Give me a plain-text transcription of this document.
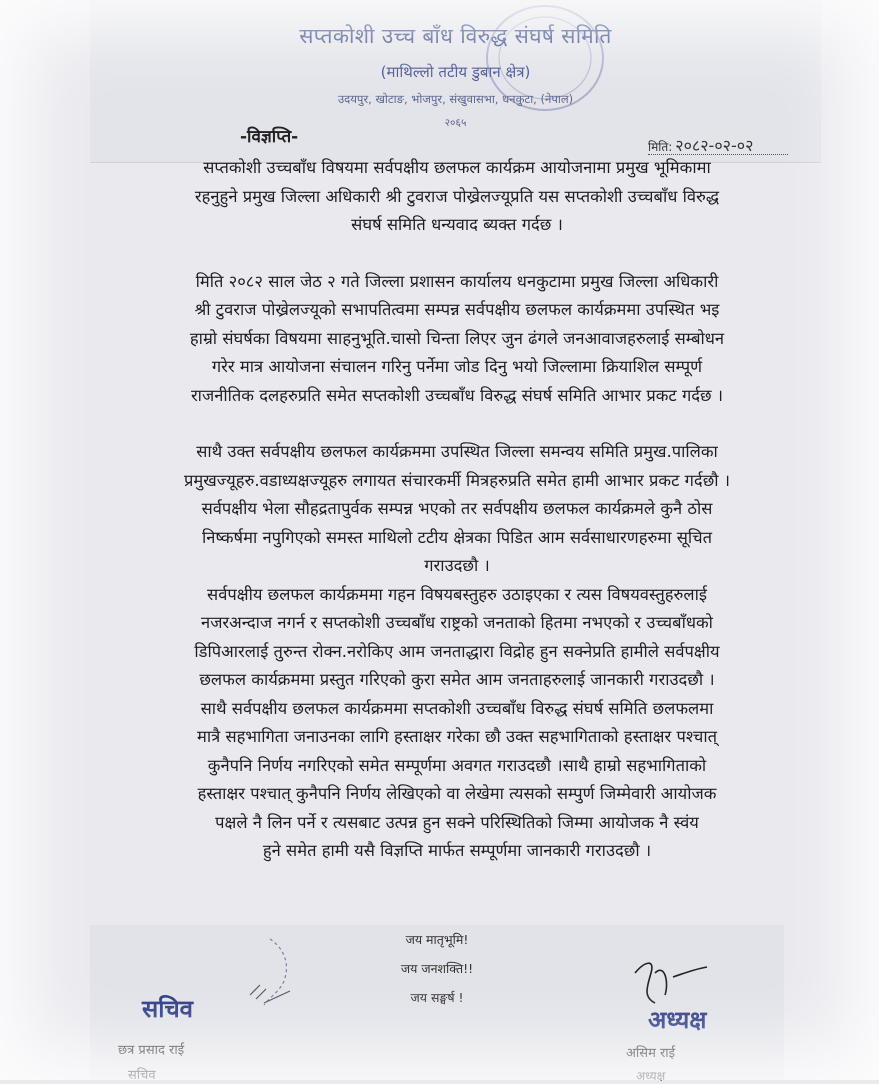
सप्तकोशी उच्च बाँध विरुद्ध संघर्ष समिति
(माथिल्लो तटीय डुबान क्षेत्र)
उदयपुर, खोटाङ, भोजपुर, संखुवासभा, धनकुटा, (नेपाल)
२०६५
-विज्ञप्ति-	मिति: २०८२-०२-०२
सप्तकोशी उच्चबाँध विषयमा सर्वपक्षीय छलफल कार्यक्रम आयोजनामा प्रमुख भूमिकामा
रहनुहुने प्रमुख जिल्ला अधिकारी श्री टुवराज पोख्रेलज्यूप्रति यस सप्तकोशी उच्चबाँध विरुद्ध
संघर्ष समिति धन्यवाद ब्यक्त गर्दछ ।
मिति २०८२ साल जेठ २ गते जिल्ला प्रशासन कार्यालय धनकुटामा प्रमुख जिल्ला अधिकारी
श्री टुवराज पोख्रेलज्यूको सभापतित्वमा सम्पन्न सर्वपक्षीय छलफल कार्यक्रममा उपस्थित भइ
हाम्रो संघर्षका विषयमा साहनुभूति.चासो चिन्ता लिएर जुन ढंगले जनआवाजहरुलाई सम्बोधन
गरेर मात्र आयोजना संचालन गरिनु पर्नेमा जोड दिनु भयो जिल्लामा क्रियाशिल सम्पूर्ण
राजनीतिक दलहरुप्रति समेत सप्तकोशी उच्चबाँध विरुद्ध संघर्ष समिति आभार प्रकट गर्दछ ।
साथै उक्त सर्वपक्षीय छलफल कार्यक्रममा उपस्थित जिल्ला समन्वय समिति प्रमुख.पालिका
प्रमुखज्यूहरु.वडाध्यक्षज्यूहरु लगायत संचारकर्मी मित्रहरुप्रति समेत हामी आभार प्रकट गर्दछौ ।
सर्वपक्षीय भेला सौहद्रतापुर्वक सम्पन्न भएको तर सर्वपक्षीय छलफल कार्यक्रमले कुनै ठोस
निष्कर्षमा नपुगिएको समस्त माथिलो टटीय क्षेत्रका पिडित आम सर्वसाधारणहरुमा सूचित
गराउदछौ ।
सर्वपक्षीय छलफल कार्यक्रममा गहन विषयबस्तुहरु उठाइएका र त्यस विषयवस्तुहरुलाई
नजरअन्दाज नगर्न र सप्तकोशी उच्चबाँध राष्ट्रको जनताको हितमा नभएको र उच्चबाँधको
डिपिआरलाई तुरुन्त रोक्न.नरोकिए आम जनताद्धारा विद्रोह हुन सक्नेप्रति हामीले सर्वपक्षीय
छलफल कार्यक्रममा प्रस्तुत गरिएको कुरा समेत आम जनताहरुलाई जानकारी गराउदछौ ।
साथै सर्वपक्षीय छलफल कार्यक्रममा सप्तकोशी उच्चबाँध विरुद्ध संघर्ष समिति छलफलमा
मात्रै सहभागिता जनाउनका लागि हस्ताक्षर गरेका छौ उक्त सहभागिताको हस्ताक्षर पश्चात्
कुनैपनि निर्णय नगरिएको समेत सम्पूर्णमा अवगत गराउदछौ ।साथै हाम्रो सहभागिताको
हस्ताक्षर पश्चात् कुनैपनि निर्णय लेखिएको वा लेखेमा त्यसको सम्पुर्ण जिम्मेवारी आयोजक
पक्षले नै लिन पर्ने र त्यसबाट उत्पन्न हुन सक्ने परिस्थितिको जिम्मा आयोजक नै स्वंय
हुने समेत हामी यसै विज्ञप्ति मार्फत सम्पूर्णमा जानकारी गराउदछौ ।
जय मातृभूमि!
जय जनशक्ति!!
जय सङ्घर्ष !
सचिव
छत्र प्रसाद राई
सचिव
अध्यक्ष
असिम राई
अध्यक्ष
